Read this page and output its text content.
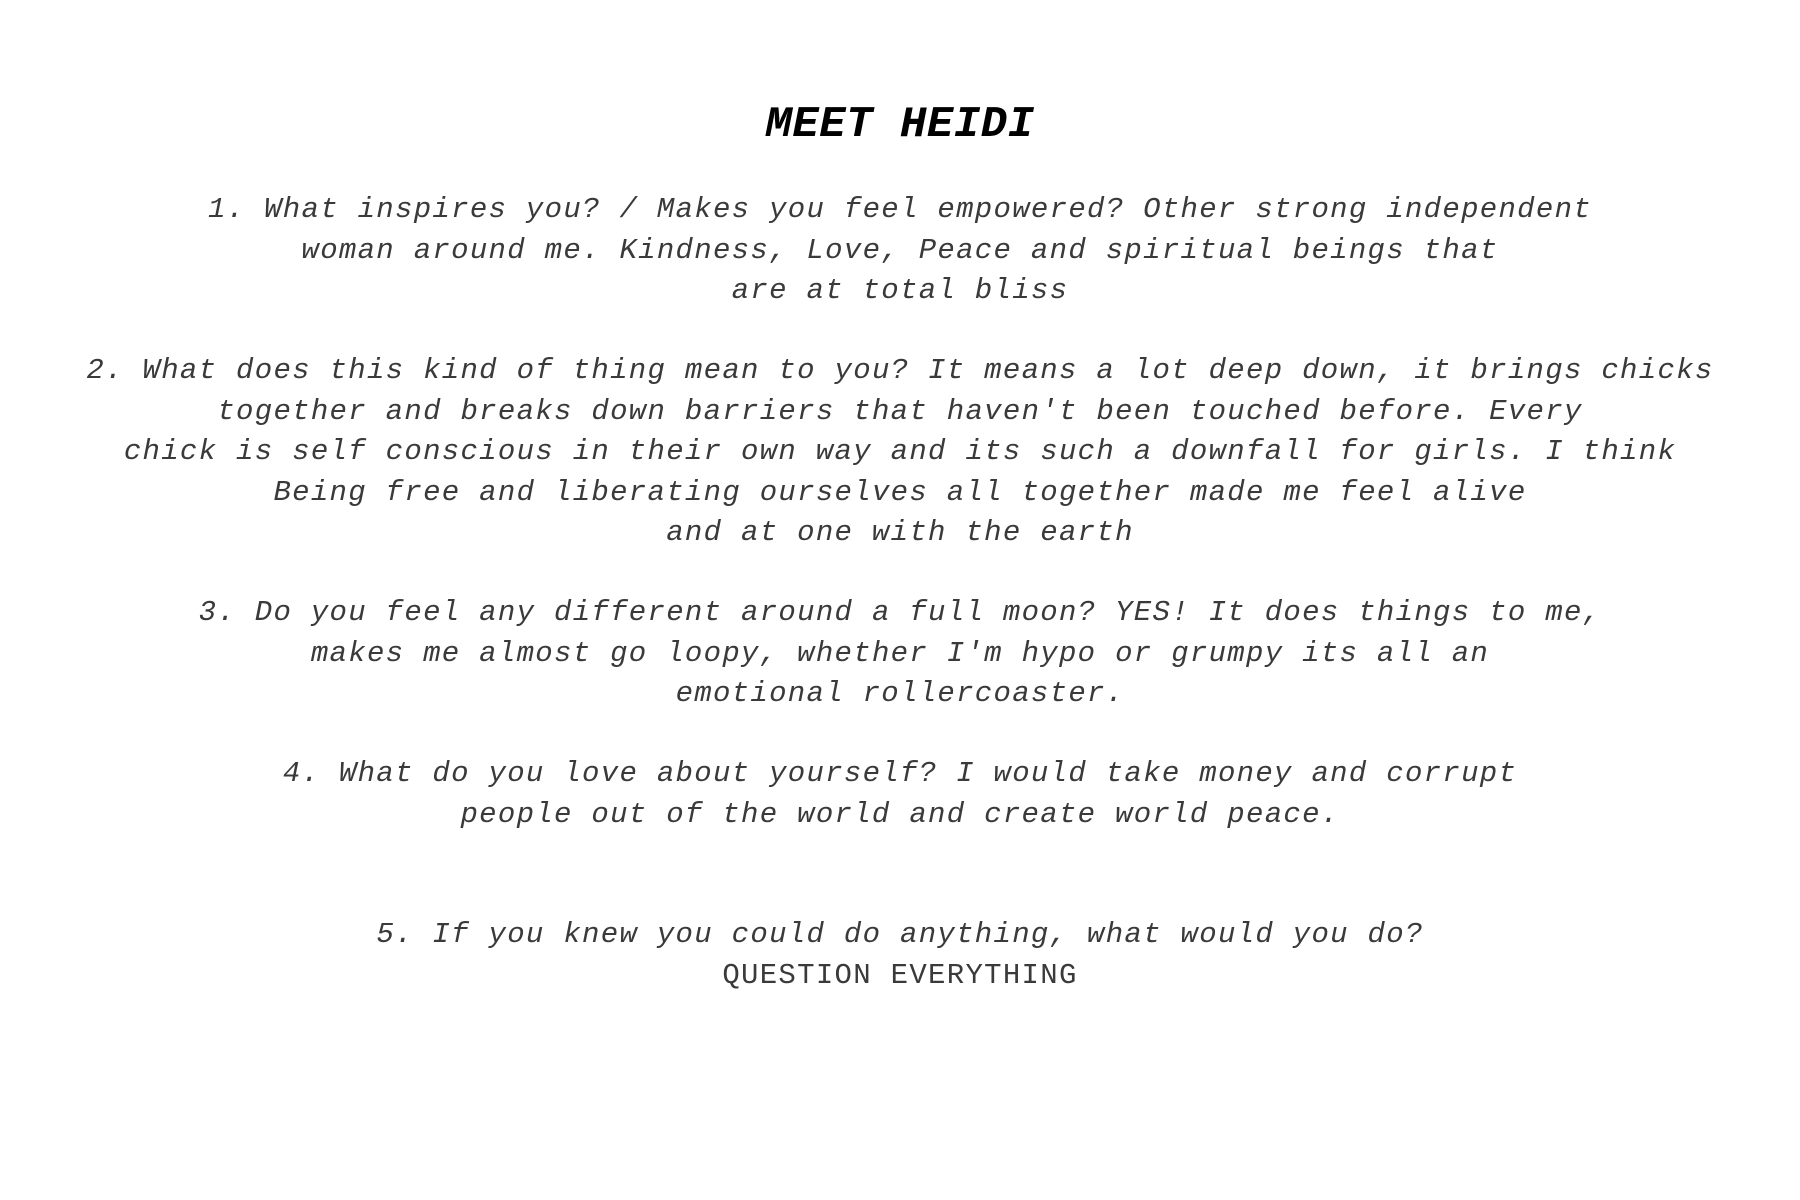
MEET HEIDI
1. What inspires you? / Makes you feel empowered? Other strong independent
woman around me. Kindness, Love, Peace and spiritual beings that
are at total bliss
2. What does this kind of thing mean to you? It means a lot deep down, it brings chicks
together and breaks down barriers that haven't been touched before. Every
chick is self conscious in their own way and its such a downfall for girls. I think
Being free and liberating ourselves all together made me feel alive
and at one with the earth
3. Do you feel any different around a full moon? YES! It does things to me,
makes me almost go loopy, whether I'm hypo or grumpy its all an
emotional rollercoaster.
4. What do you love about yourself? I would take money and corrupt
people out of the world and create world peace.
5. If you knew you could do anything, what would you do?
QUESTION EVERYTHING
